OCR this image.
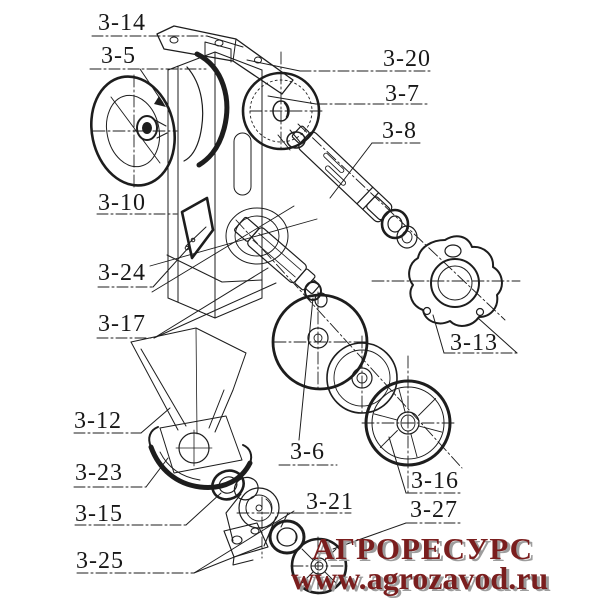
3-14
3-5	3-20
3-7
3-8
3-10
3-24
3-17
3-13
3-12
3-6
3-23	3-16
3-15	3-21 3-27
3-25	АГРОРЕСУРС
www.agrozavod.ru
